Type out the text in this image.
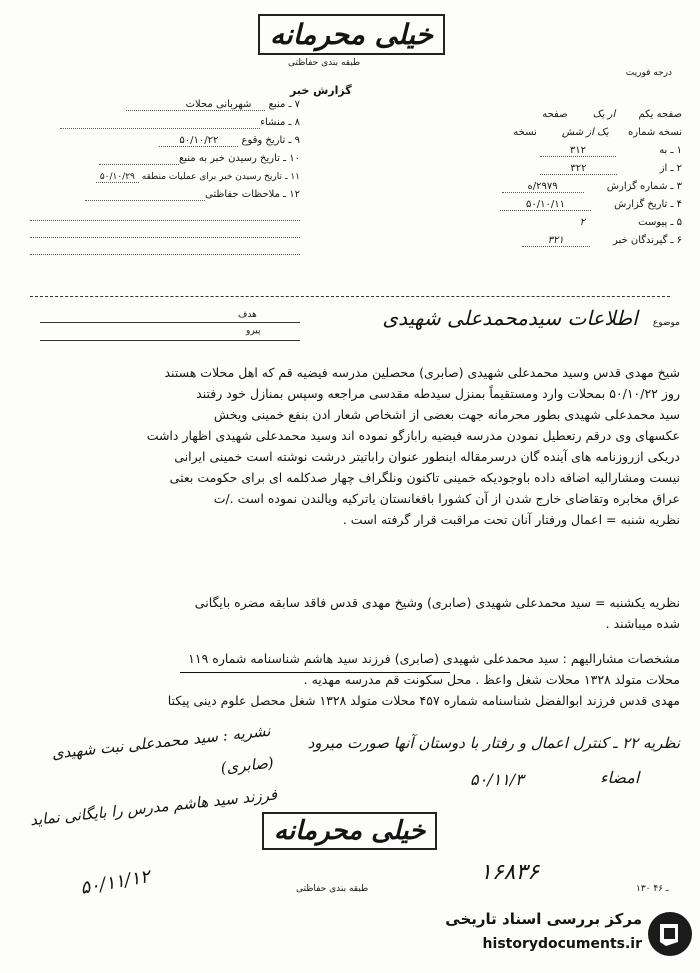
خیلی محرمانه
طبقه بندی حفاظتی
درجه فوریت
گزارش خبر
صفحه یکم ار یک صفحه
نسخه شماره یک از شش نسخه
۱ ـ به ۳۱۲
۲ ـ از ۳۲۲
۳ ـ شماره گزارش ۲۹۷۹/ه
۴ ـ تاریخ گزارش ۵۰/۱۰/۱۱
۵ ـ پیوست ۲
۶ ـ گیرندگان خبر ۳۲۱
۷ ـ منبع شهربانی محلات
۸ ـ منشاء
۹ ـ تاریخ وقوع ۵۰/۱۰/۲۲
۱۰ ـ تاریخ رسیدن خبر به منبع
۱۱ ـ تاریخ رسیدن خبر برای عملیات منطقه ۵۰/۱۰/۲۹
۱۲ ـ ملاحظات حفاظتی
هدف
پیرو
موضوع اطلاعات سیدمحمدعلی شهیدی

شیخ مهدی قدس وسید محمدعلی شهیدی (صابری) محصلین مدرسه فیضیه قم که اهل محلات هستند

روز ۵۰/۱۰/۲۲ بمحلات وارد ومستقیماً بمنزل سیدطه مقدسی مراجعه وسپس بمنازل خود رفتند

سید محمدعلی شهیدی بطور محرمانه جهت بعضی از اشخاص شعار ادن بنفع خمینی ویخش

عکسهای وی درقم رتعطیل نمودن مدرسه فیضیه رابازگو نموده اند وسید محمدعلی شهیدی اظهار داشت

دریکی ازروزنامه های آینده گان درسرمقاله اینطور عنوان راباتیتر درشت نوشته است خمینی ایرانی

نیست ومشارالیه اضافه داده باوجودیکه خمینی تاکنون ونلگراف چهار صدکلمه ای برای حکومت بعثی

عراق مخابره وتقاضای خارج شدن از آن کشورا بافغانستان یاترکیه ویالندن نموده است ./ت

نظریه شنبه = اعمال ورفتار آنان تحت مراقبت قرار گرفته است .

نظریه یکشنبه = سید محمدعلی شهیدی (صابری) وشیخ مهدی قدس فاقد سابقه مضره بایگانی

شده میباشند .

مشخصات مشارالیهم : سید محمدعلی شهیدی (صابری) فرزند سید هاشم شناسنامه شماره ۱۱۹

محلات متولد ۱۳۲۸ محلات شغل واعظ . محل سکونت قم مدرسه مهدیه .

مهدی قدس فرزند ابوالفضل شناسنامه شماره ۴۵۷ محلات متولد ۱۳۲۸ شغل محصل علوم دینی پیکتا

نظریه ۲۲ ـ کنترل اعمال و رفتار با دوستان آنها صورت میرود
۵۰/۱۱/۳	امضاء
نشریه : سید محمدعلی نبت شهیدی (صابری)
فرزند سید هاشم مدرس را بایگانی نماید
۵۰/۱۱/۱۲
خیلی محرمانه
۱۶۸۳۶
طبقه بندی حفاظتی	۱۳۰ ـ ۴۶
مرکز بررسی اسناد تاریخی
historydocuments.ir
